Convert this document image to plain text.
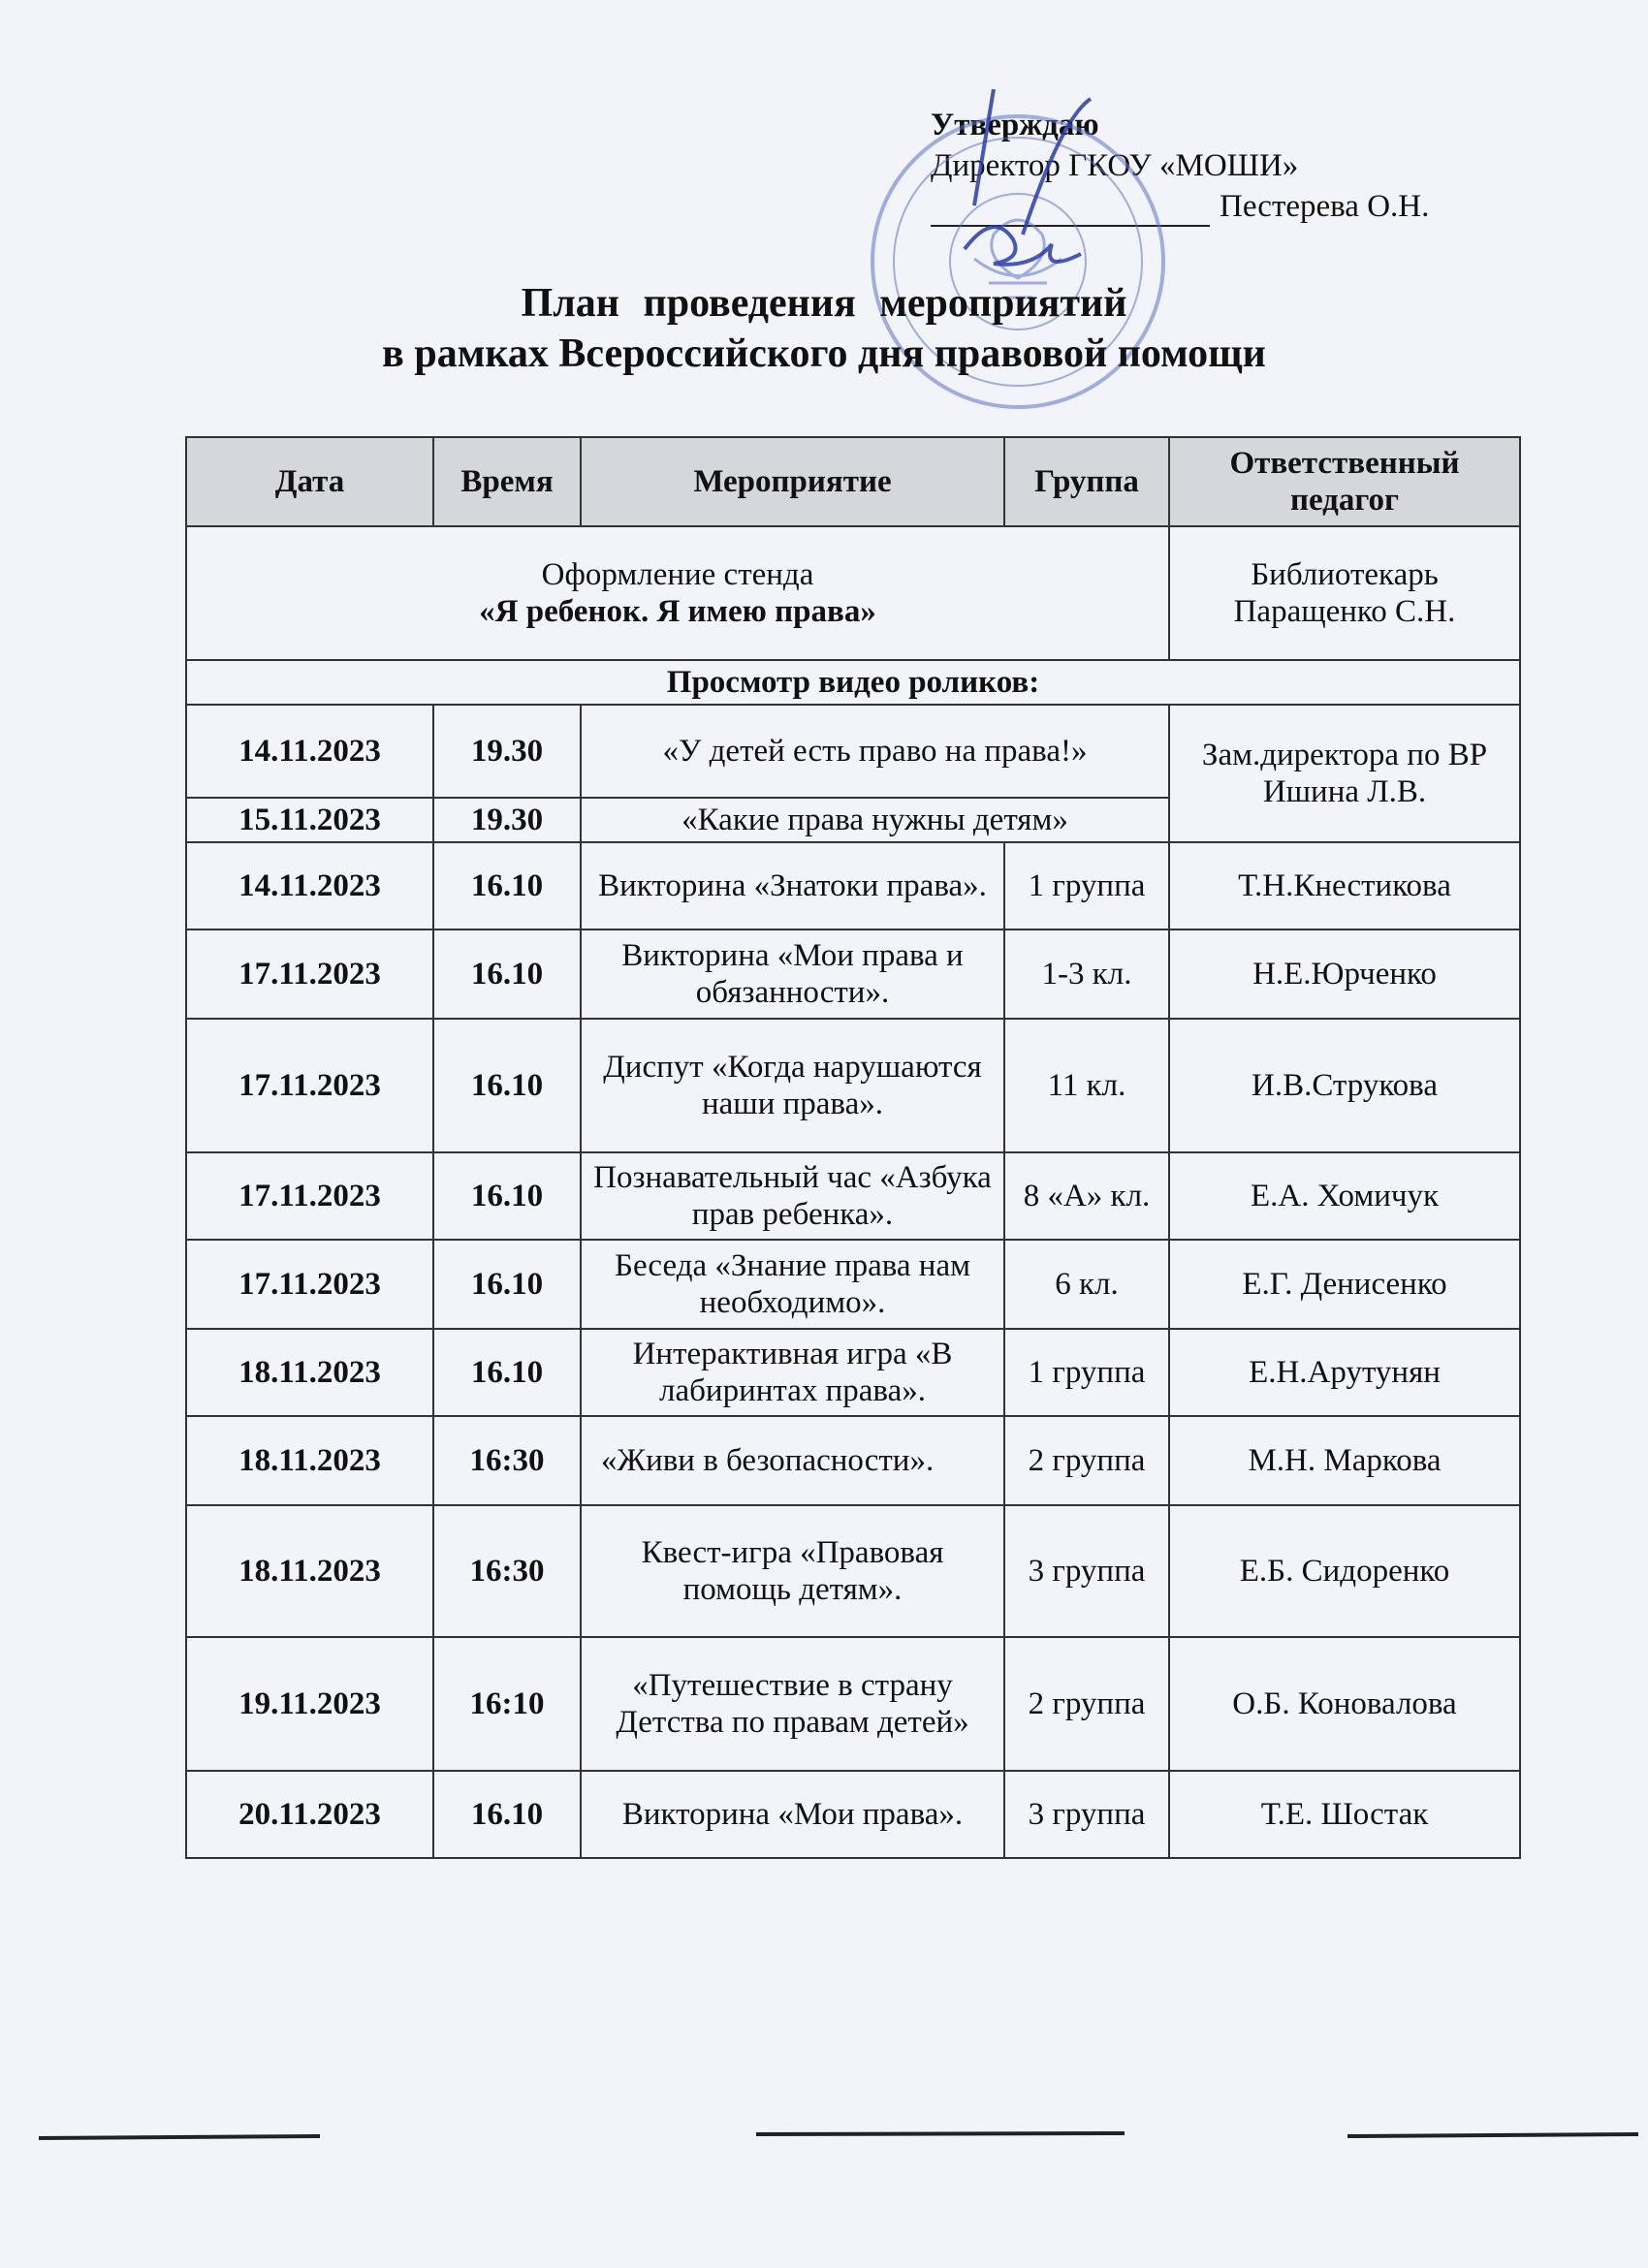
Утверждаю
Директор ГКОУ «МОШИ»
Пестерева О.Н.
План проведения мероприятий
в рамках Всероссийского дня правовой помощи
Дата	Время	Мероприятие	Группа	Ответственный педагог

Оформление стенда
«Я ребенок. Я имею права»				Библиотекарь Паращенко С.Н.
Просмотр видео роликов:				
14.11.2023	19.30	«У детей есть право на права!»		Зам.директора по ВР Ишина Л.В.
15.11.2023	19.30	«Какие права нужны детям»		
14.11.2023	16.10	Викторина «Знатоки права».	1 группа	Т.Н.Кнестикова
17.11.2023	16.10	Викторина «Мои права и обязанности».	1-3 кл.	Н.Е.Юрченко
17.11.2023	16.10	Диспут «Когда нарушаются наши права».	11 кл.	И.В.Струкова
17.11.2023	16.10	Познавательный час «Азбука прав ребенка».	8 «А» кл.	Е.А. Хомичук
17.11.2023	16.10	Беседа «Знание права нам необходимо».	6 кл.	Е.Г. Денисенко
18.11.2023	16.10	Интерактивная игра «В лабиринтах права».	1 группа	Е.Н.Арутунян
18.11.2023	16:30	«Живи в безопасности».	2 группа	М.Н. Маркова
18.11.2023	16:30	Квест-игра «Правовая помощь детям».	3 группа	Е.Б. Сидоренко
19.11.2023	16:10	«Путешествие в страну Детства по правам детей»	2 группа	О.Б. Коновалова
20.11.2023	16.10	Викторина «Мои права».	3 группа	Т.Е. Шостак
